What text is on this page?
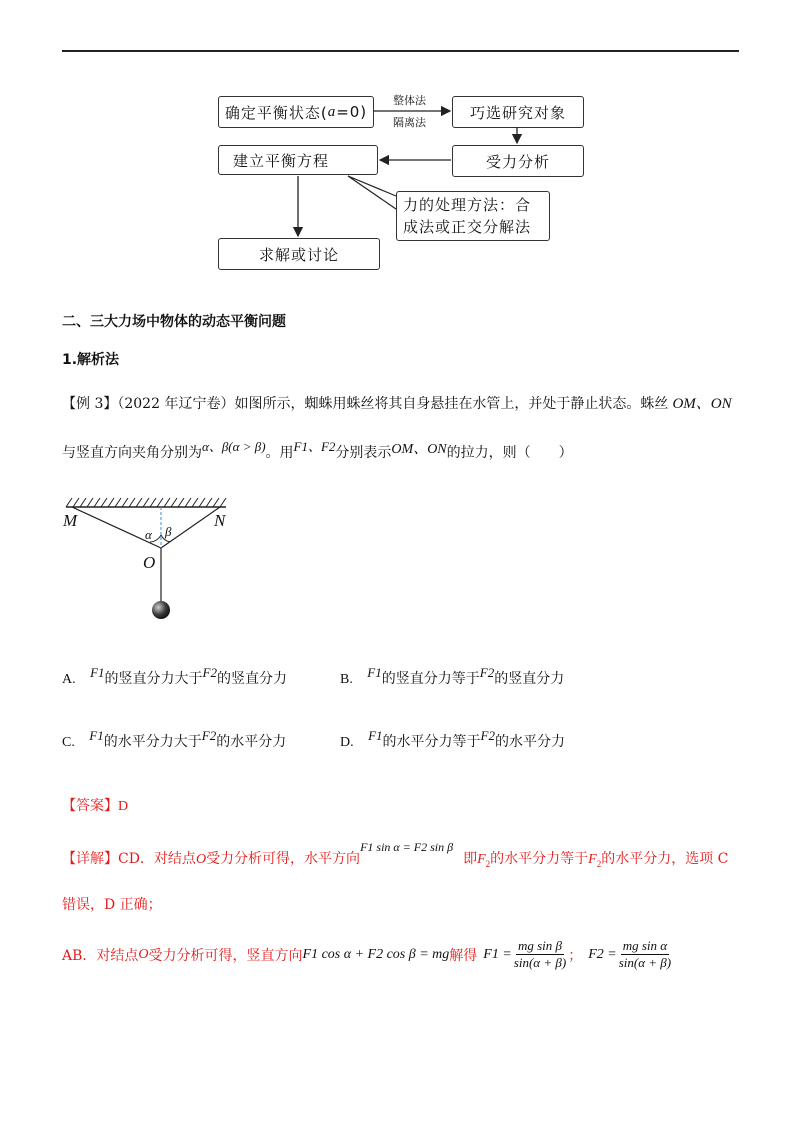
确定平衡状态( a =0)
整体法
隔离法
巧选研究对象
受力分析
建立平衡方程
力的处理方法：合
成法或正交分解法
求解或讨论
二、三大力场中物体的动态平衡问题
1.解析法
【例 3】（2022 年辽宁卷）如图所示，蜘蛛用蛛丝将其自身悬挂在水管上，并处于静止状态。蛛丝 OM、ON
与竖直方向夹角分别为α、β(α > β)。用F1、F2分别表示OM、ON的拉力，则（　　）
M	N
O
α β
A. F1的竖直分力大于F2的竖直分力	B. F1的竖直分力等于F2的竖直分力
C. F1的水平分力大于F2的水平分力	D. F1的水平分力等于F2的水平分力
【答案】D
【详解】CD．对结点O受力分析可得，水平方向F1 sin α = F2 sin β即$F_2$的水平分力等于$F_2$的水平分力，选项 C
错误，D 正确；
AB．对结点 O 受力分析可得，竖直方向 F1 cos α + F2 cos β = mg 解得 $F1 = \frac{\text{mg sin β}}{\sin(\alpha + \beta)}$ ； $F2 = \frac{\text{mg sin α}}{\sin(\alpha + \beta)}$
